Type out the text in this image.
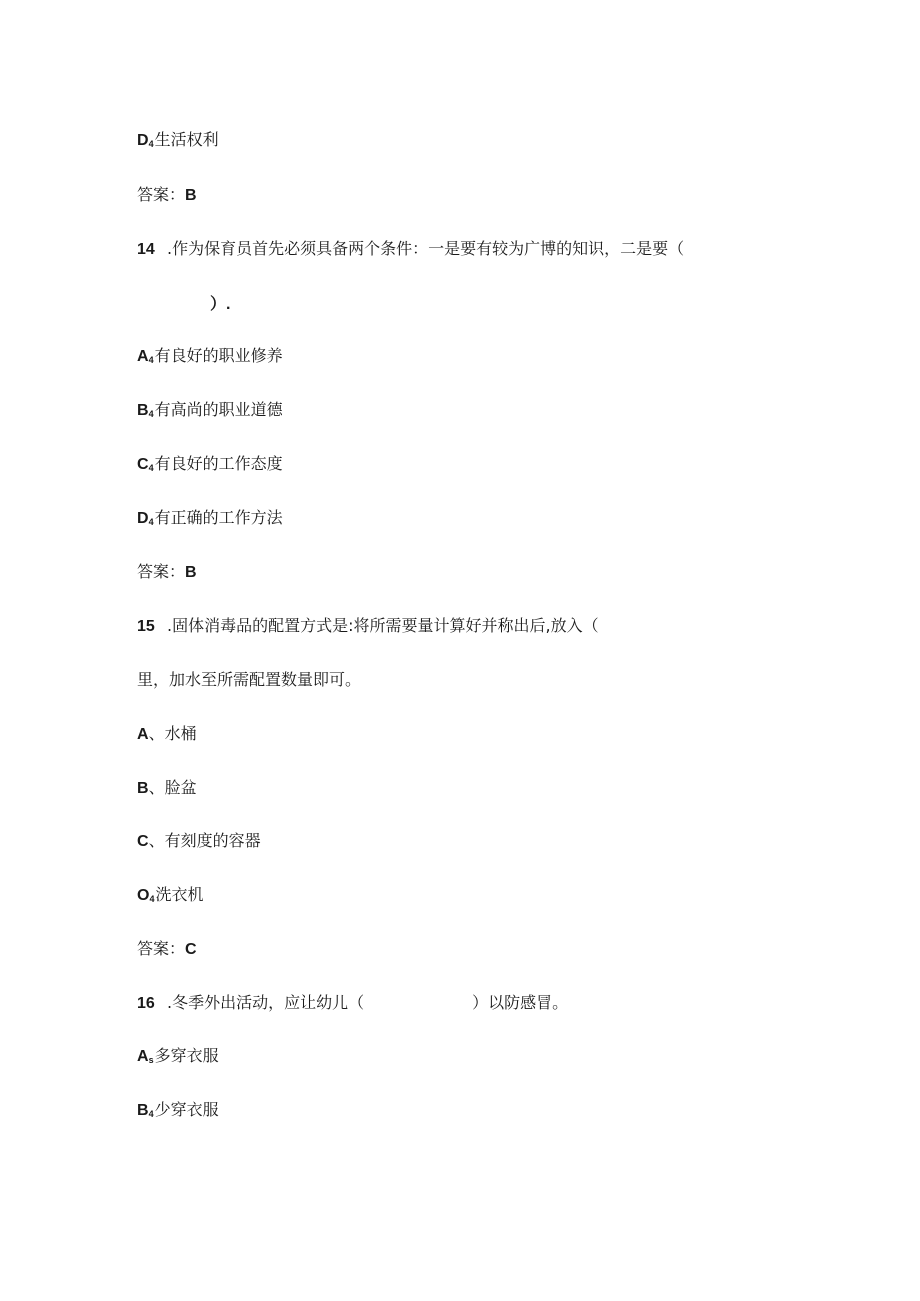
$D_4$生活权利
答案：B
14 .作为保育员首先必须具备两个条件：一是要有较为广博的知识，二是要（
）.
$A_4$有良好的职业修养
$B_4$有高尚的职业道德
$C_4$有良好的工作态度
$D_4$有正确的工作方法
答案：B
15 .固体消毒品的配置方式是:将所需要量计算好并称出后,放入（
里，加水至所需配置数量即可。
A、水桶
B、脸盆
C、有刻度的容器
$O_4$洗衣机
答案：C
16 .冬季外出活动，应让幼儿（	）以防感冒。
$A_s$多穿衣服
$B_4$少穿衣服
